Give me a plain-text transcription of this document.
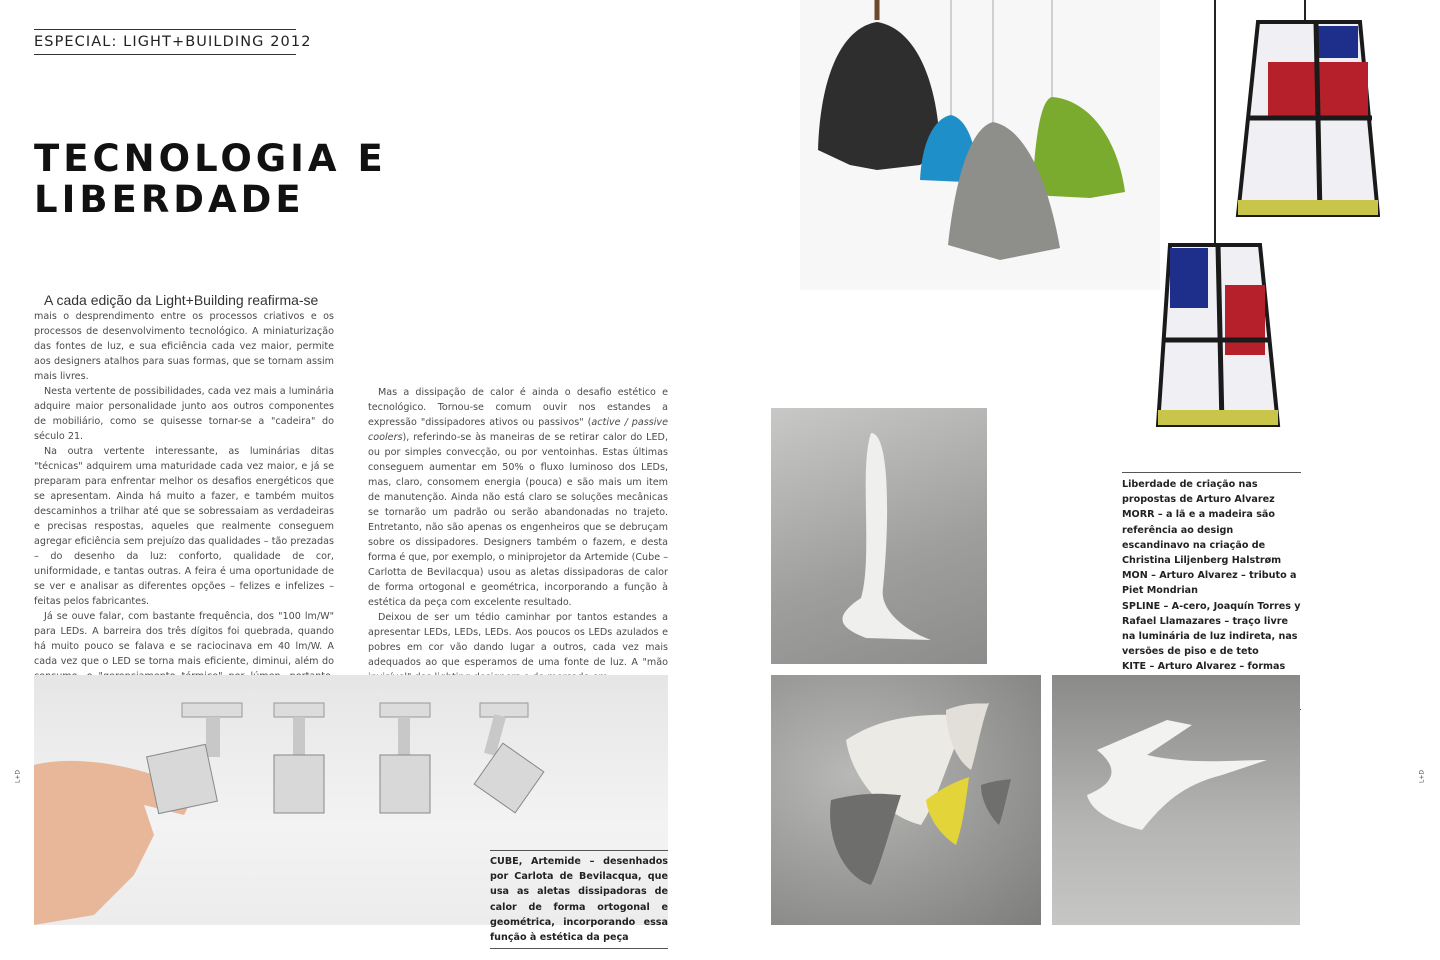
ESPECIAL: LIGHT+BUILDING 2012
TECNOLOGIA E
LIBERDADE
A cada edição da Light+Building reafirma-se

mais o desprendimento entre os processos criativos e os processos de desenvolvimento tecnológico. A miniaturização das fontes de luz, e sua eficiência cada vez maior, permite aos designers atalhos para suas formas, que se tornam assim mais livres.

Nesta vertente de possibilidades, cada vez mais a luminária adquire maior personalidade junto aos outros componentes de mobiliário, como se quisesse tornar-se a "cadeira" do século 21.

Na outra vertente interessante, as luminárias ditas "técnicas" adquirem uma maturidade cada vez maior, e já se preparam para enfrentar melhor os desafios energéticos que se apresentam. Ainda há muito a fazer, e também muitos descaminhos a trilhar até que se sobressaiam as verdadeiras e precisas respostas, aqueles que realmente conseguem agregar eficiência sem prejuízo das qualidades – tão prezadas – do desenho da luz: conforto, qualidade de cor, uniformidade, e tantas outras. A feira é uma oportunidade de se ver e analisar as diferentes opções – felizes e infelizes – feitas pelos fabricantes.

Já se ouve falar, com bastante frequência, dos "100 lm/W" para LEDs. A barreira dos três dígitos foi quebrada, quando há muito pouco se falava e se raciocinava em 40 lm/W. A cada vez que o LED se torna mais eficiente, diminui, além do

Mas a dissipação de calor é ainda o desafio estético e tecnológico. Tornou-se comum ouvir nos estandes a expressão "dissipadores ativos ou passivos" (active / passive coolers), referindo-se às maneiras de se retirar calor do LED, ou por simples convecção, ou por ventoinhas. Estas últimas conseguem aumentar em 50% o fluxo luminoso dos LEDs, mas, claro, consomem energia (pouca) e são mais um item de manutenção. Ainda não está claro se soluções mecânicas se tornarão um padrão ou serão abandonadas no trajeto. Entretanto, não são apenas os engenheiros que se debruçam sobre os dissipadores. Designers também o fazem, e desta forma é que, por exemplo, o miniprojetor da Artemide (Cube – Carlotta de Bevilacqua) usou as aletas dissipadoras de calor de forma ortogonal e geométrica, incorporando a função à estética da peça com excelente resultado.

Deixou de ser um tédio caminhar por tantos estandes a apresentar LEDs, LEDs, LEDs. Aos poucos os LEDs azulados e pobres em cor vão dando lugar a outros, cada vez mais adequados ao que esperamos de uma fonte de luz. A "mão

Liberdade de criação nas propostas de Arturo Alvarez

MORR – a lã e a madeira são referência ao design escandinavo na criação de Christina Liljenberg Halstrøm

MON – Arturo Alvarez – tributo a Piet Mondrian

SPLINE – A-cero, Joaquín Torres y Rafael Llamazares – traço livre na luminária de luz indireta, nas versões de piso e de teto

KITE – Arturo Alvarez – formas

CUBE, Artemide – desenhados por Carlota de Bevilacqua, que usa as aletas dissipadoras de calor de forma ortogonal e geométrica, incorporando essa função à estética da peça
L+D	L+D
